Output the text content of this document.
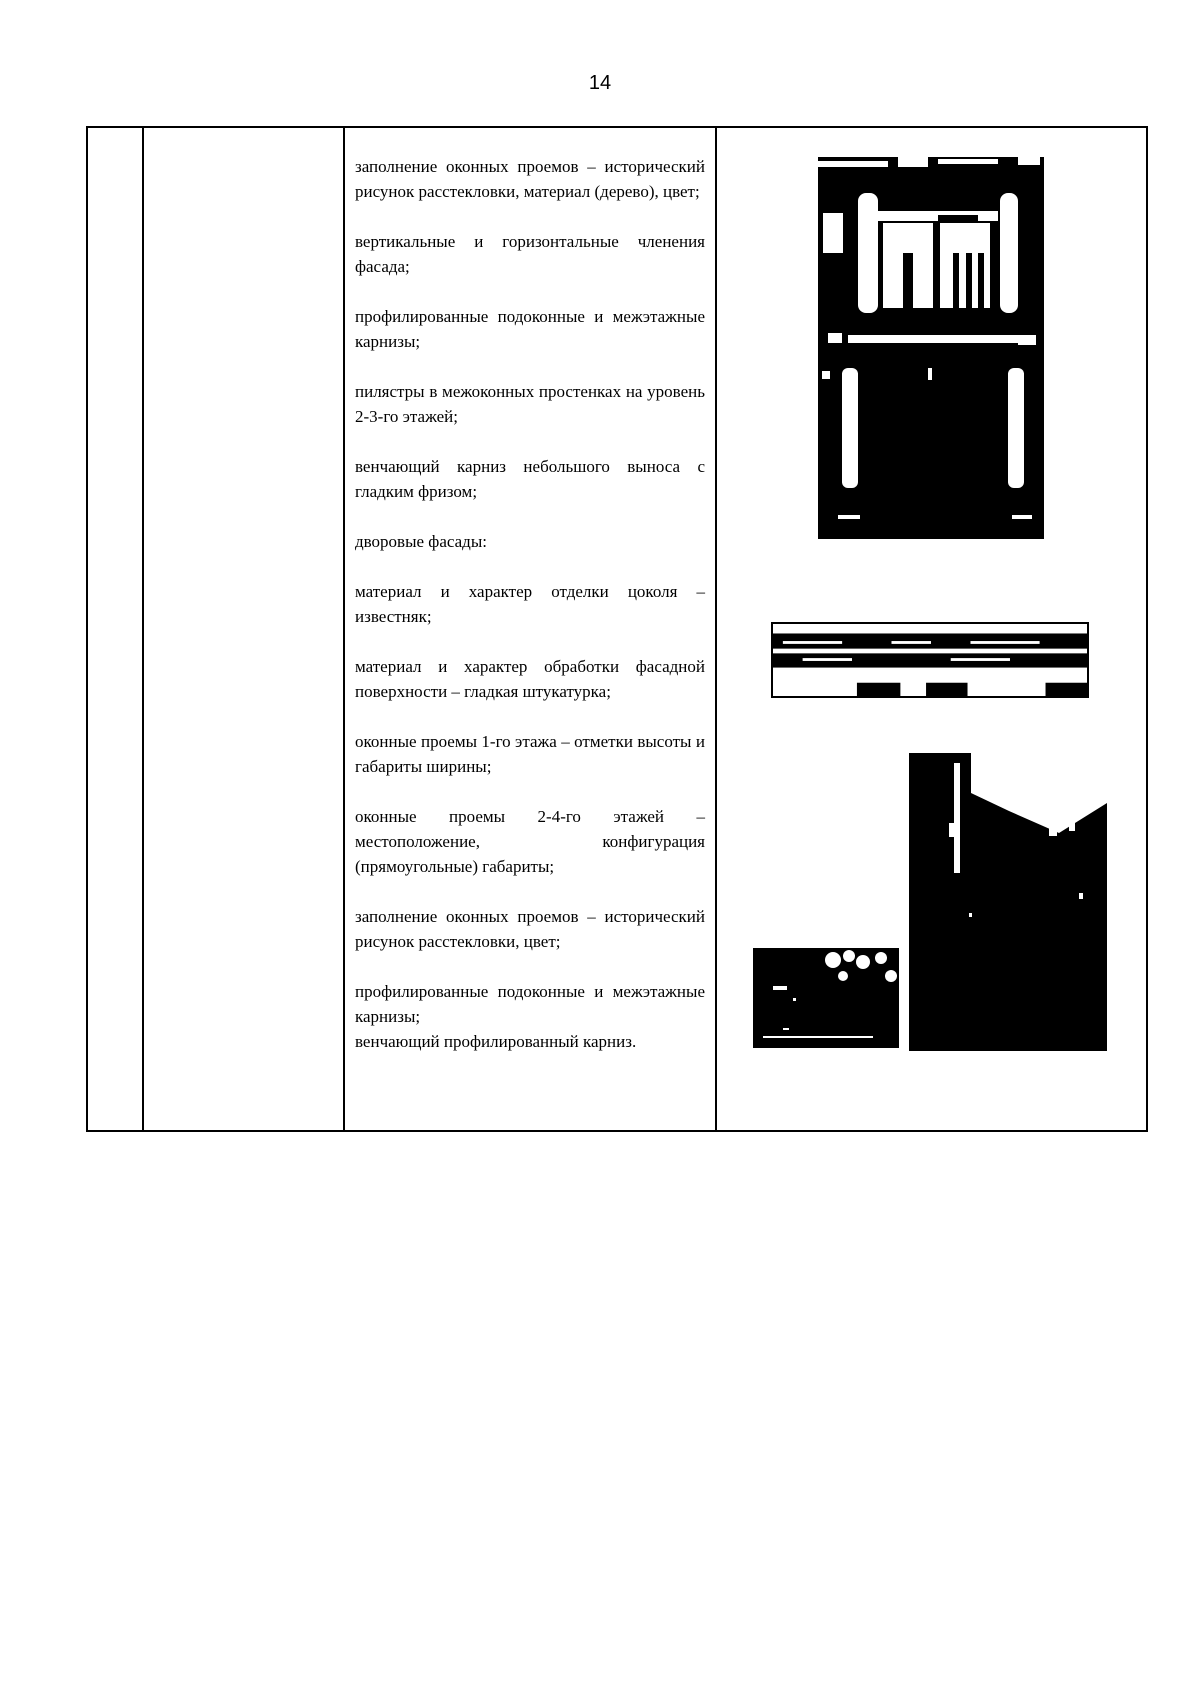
14

заполнение оконных проемов – исторический рисунок расстекловки, материал (дерево), цвет;

вертикальные и горизонтальные членения фасада;

профилированные подоконные и межэтажные карнизы;

пилястры в межоконных простенках на уровень 2-3-го этажей;

венчающий карниз небольшого выноса с гладким фризом;

дворовые фасады:

материал и характер отделки цоколя – известняк;

материал и характер обработки фасадной поверхности – гладкая штукатурка;

оконные проемы 1-го этажа – отметки высоты и габариты ширины;

оконные проемы 2-4-го этажей – местоположение, конфигурация (прямоугольные) габариты;

заполнение оконных проемов – исторический рисунок расстекловки, цвет;

профилированные подоконные и межэтажные карнизы;

венчающий профилированный карниз.
